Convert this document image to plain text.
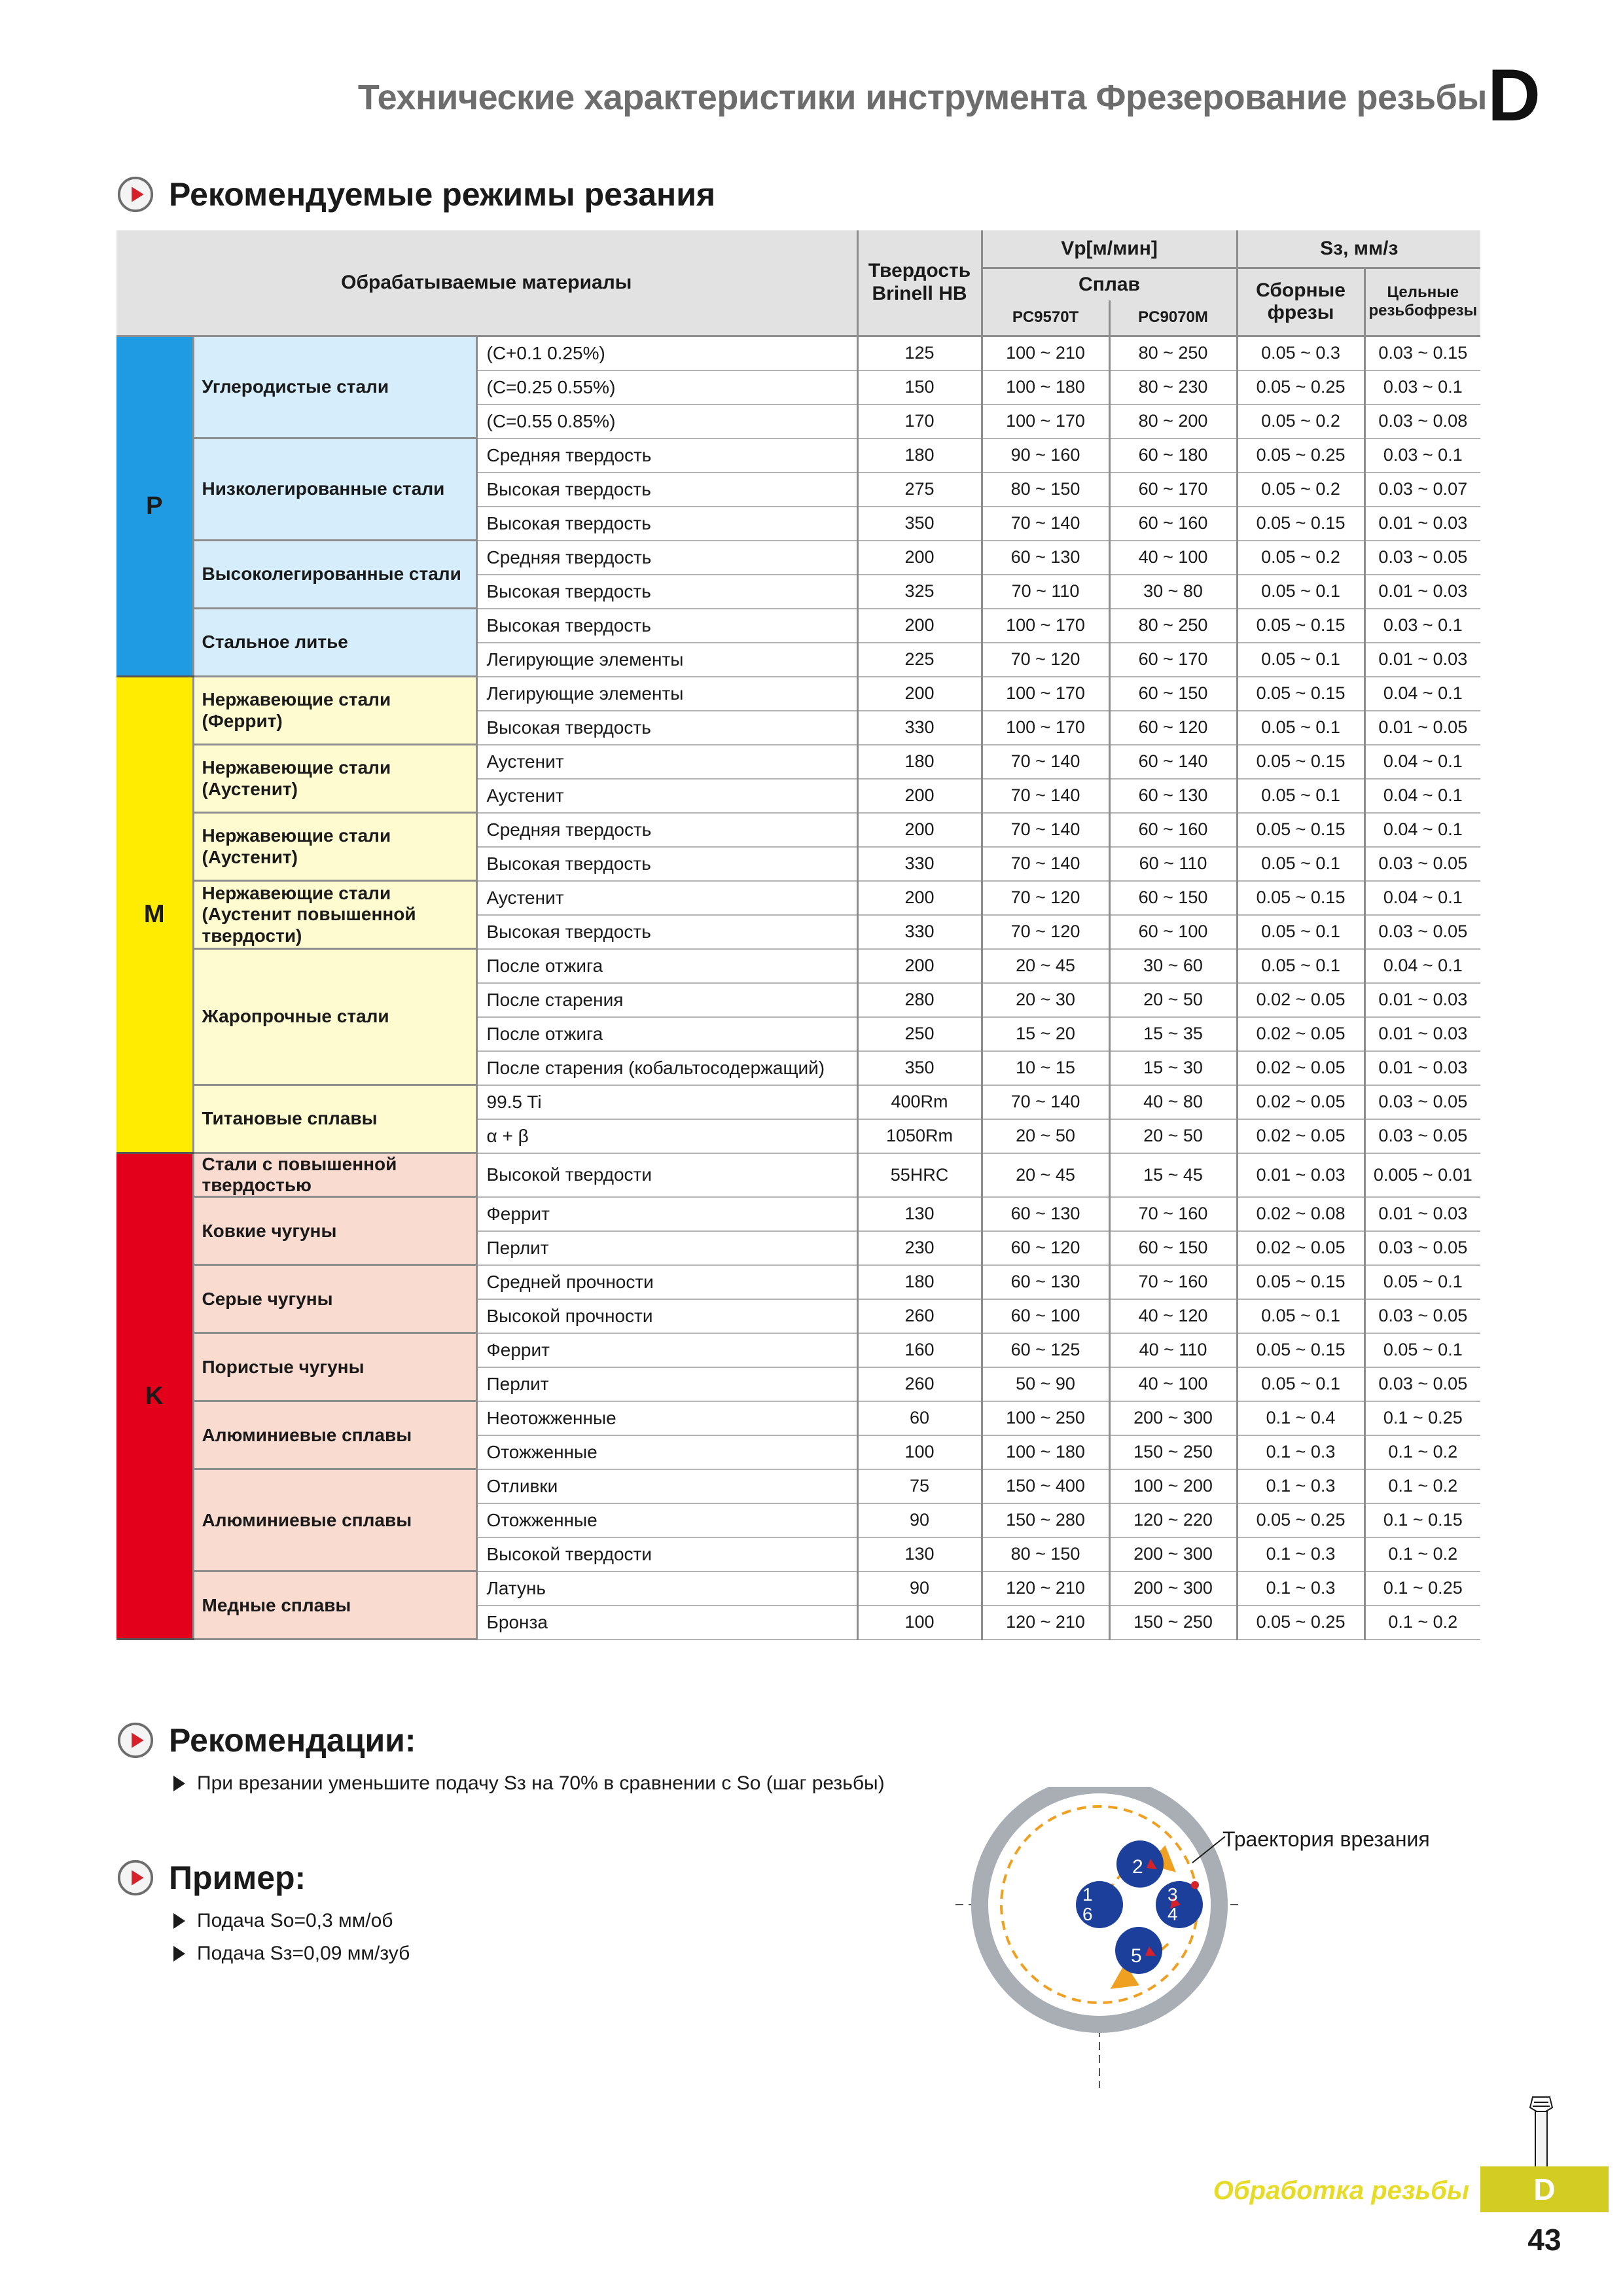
Технические характеристики инструмента Фрезерование резьбы D
Рекомендуемые режимы резания
Обрабатываемые материалы			Твердость Brinell HB	Vp[м/мин]		Sз, мм/з	
				Сплав		Сборные фрезы	Цельные резьбофрезы
				PC9570T	PC9070M		
P	Углеродистые стали	(C+0.1 0.25%)	125	100 ~ 210	80 ~ 250	0.05 ~ 0.3	0.03 ~ 0.15
		(C=0.25 0.55%)	150	100 ~ 180	80 ~ 230	0.05 ~ 0.25	0.03 ~ 0.1
		(C=0.55 0.85%)	170	100 ~ 170	80 ~ 200	0.05 ~ 0.2	0.03 ~ 0.08
	Низколегированные стали	Средняя твердость	180	90 ~ 160	60 ~ 180	0.05 ~ 0.25	0.03 ~ 0.1
		Высокая твердость	275	80 ~ 150	60 ~ 170	0.05 ~ 0.2	0.03 ~ 0.07
		Высокая твердость	350	70 ~ 140	60 ~ 160	0.05 ~ 0.15	0.01 ~ 0.03
	Высоколегированные стали	Средняя твердость	200	60 ~ 130	40 ~ 100	0.05 ~ 0.2	0.03 ~ 0.05
		Высокая твердость	325	70 ~ 110	30 ~ 80	0.05 ~ 0.1	0.01 ~ 0.03
	Стальное литье	Высокая твердость	200	100 ~ 170	80 ~ 250	0.05 ~ 0.15	0.03 ~ 0.1
		Легирующие элементы	225	70 ~ 120	60 ~ 170	0.05 ~ 0.1	0.01 ~ 0.03
M	Нержавеющие стали (Феррит)	Легирующие элементы	200	100 ~ 170	60 ~ 150	0.05 ~ 0.15	0.04 ~ 0.1
		Высокая твердость	330	100 ~ 170	60 ~ 120	0.05 ~ 0.1	0.01 ~ 0.05
	Нержавеющие стали (Аустенит)	Аустенит	180	70 ~ 140	60 ~ 140	0.05 ~ 0.15	0.04 ~ 0.1
		Аустенит	200	70 ~ 140	60 ~ 130	0.05 ~ 0.1	0.04 ~ 0.1
	Нержавеющие стали (Аустенит)	Средняя твердость	200	70 ~ 140	60 ~ 160	0.05 ~ 0.15	0.04 ~ 0.1
		Высокая твердость	330	70 ~ 140	60 ~ 110	0.05 ~ 0.1	0.03 ~ 0.05
	Нержавеющие стали (Аустенит повышенной твердости)	Аустенит	200	70 ~ 120	60 ~ 150	0.05 ~ 0.15	0.04 ~ 0.1
		Высокая твердость	330	70 ~ 120	60 ~ 100	0.05 ~ 0.1	0.03 ~ 0.05
	Жаропрочные стали	После отжига	200	20 ~ 45	30 ~ 60	0.05 ~ 0.1	0.04 ~ 0.1
		После старения	280	20 ~ 30	20 ~ 50	0.02 ~ 0.05	0.01 ~ 0.03
		После отжига	250	15 ~ 20	15 ~ 35	0.02 ~ 0.05	0.01 ~ 0.03
		После старения (кобальтосодержащий)	350	10 ~ 15	15 ~ 30	0.02 ~ 0.05	0.01 ~ 0.03
	Титановые сплавы	99.5 Ti	400Rm	70 ~ 140	40 ~ 80	0.02 ~ 0.05	0.03 ~ 0.05
		α + β	1050Rm	20 ~ 50	20 ~ 50	0.02 ~ 0.05	0.03 ~ 0.05
K	Стали с повышенной твердостью	Высокой твердости	55HRC	20 ~ 45	15 ~ 45	0.01 ~ 0.03	0.005 ~ 0.01
	Ковкие чугуны	Феррит	130	60 ~ 130	70 ~ 160	0.02 ~ 0.08	0.01 ~ 0.03
		Перлит	230	60 ~ 120	60 ~ 150	0.02 ~ 0.05	0.03 ~ 0.05
	Серые чугуны	Средней прочности	180	60 ~ 130	70 ~ 160	0.05 ~ 0.15	0.05 ~ 0.1
		Высокой прочности	260	60 ~ 100	40 ~ 120	0.05 ~ 0.1	0.03 ~ 0.05
	Пористые чугуны	Феррит	160	60 ~ 125	40 ~ 110	0.05 ~ 0.15	0.05 ~ 0.1
		Перлит	260	50 ~ 90	40 ~ 100	0.05 ~ 0.1	0.03 ~ 0.05
	Алюминиевые сплавы	Неотожженные	60	100 ~ 250	200 ~ 300	0.1 ~ 0.4	0.1 ~ 0.25
		Отожженные	100	100 ~ 180	150 ~ 250	0.1 ~ 0.3	0.1 ~ 0.2
	Алюминиевые сплавы	Отливки	75	150 ~ 400	100 ~ 200	0.1 ~ 0.3	0.1 ~ 0.2
		Отожженные	90	150 ~ 280	120 ~ 220	0.05 ~ 0.25	0.1 ~ 0.15
		Высокой твердости	130	80 ~ 150	200 ~ 300	0.1 ~ 0.3	0.1 ~ 0.2
	Медные сплавы	Латунь	90	120 ~ 210	200 ~ 300	0.1 ~ 0.3	0.1 ~ 0.25
		Бронза	100	120 ~ 210	150 ~ 250	0.05 ~ 0.25	0.1 ~ 0.2
Рекомендации:
При врезании уменьшите подачу Sз на 70% в сравнении с So (шаг резьбы)
Пример:
Подача So=0,3 мм/об
Подача Sз=0,09 мм/зуб
2
1
6
3
4
5
Траектория врезания
Обработка резьбы	D
43
